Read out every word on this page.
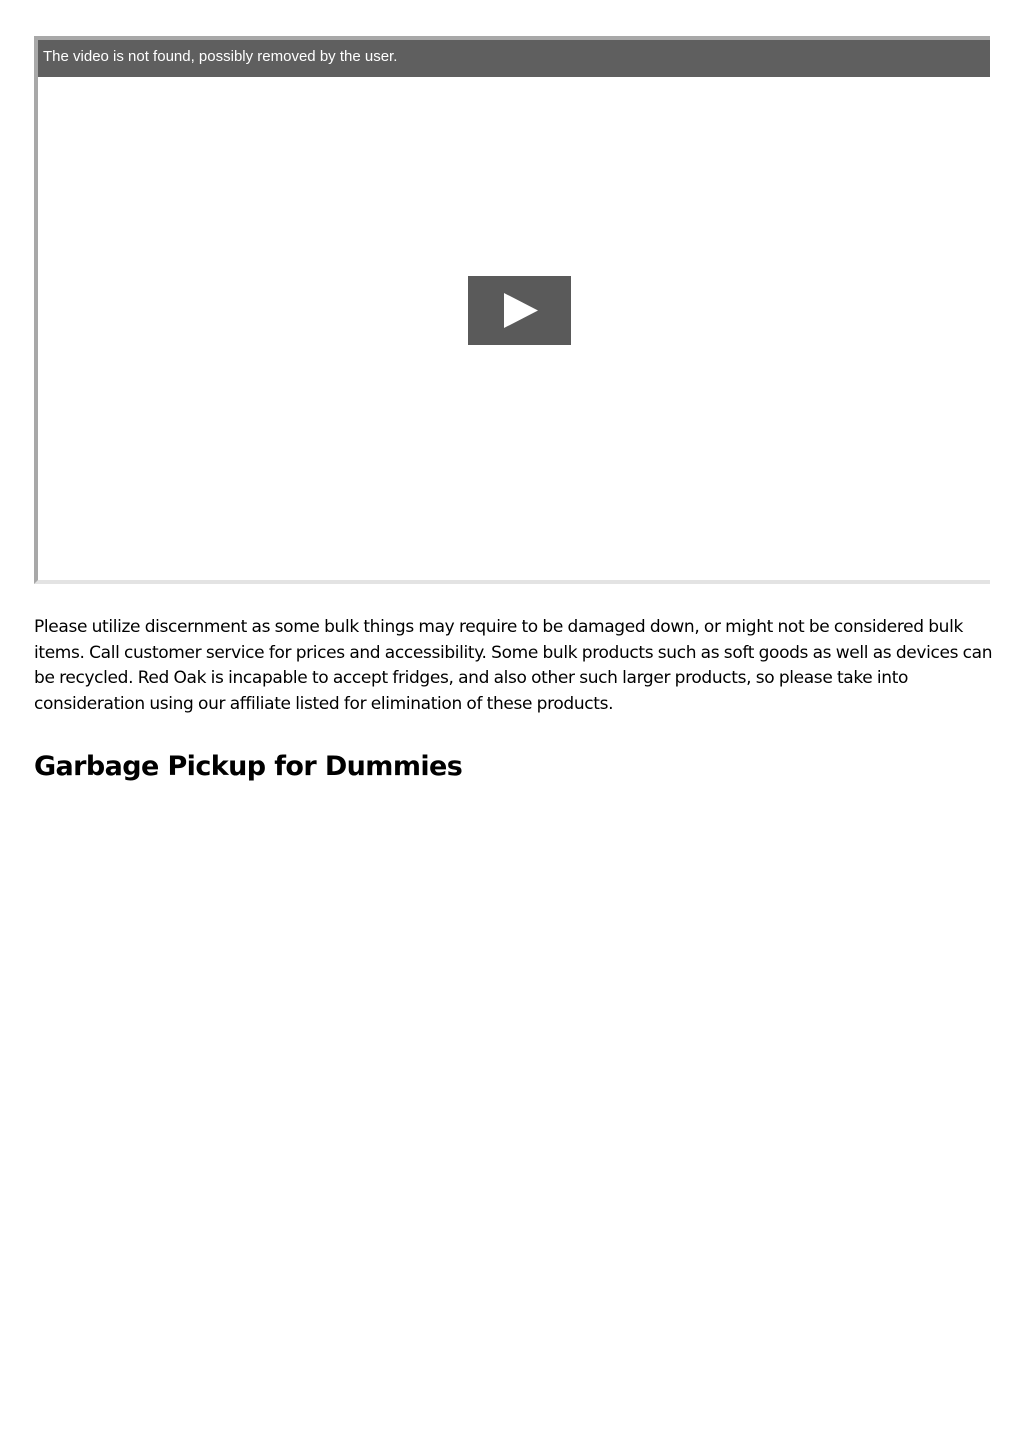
The video is not found, possibly removed by the user.

Please utilize discernment as some bulk things may require to be damaged down, or might not be considered bulk items. Call customer service for prices and accessibility. Some bulk products such as soft goods as well as devices can be recycled. Red Oak is incapable to accept fridges, and also other such larger products, so please take into consideration using our affiliate listed for elimination of these products.

Garbage Pickup for Dummies
